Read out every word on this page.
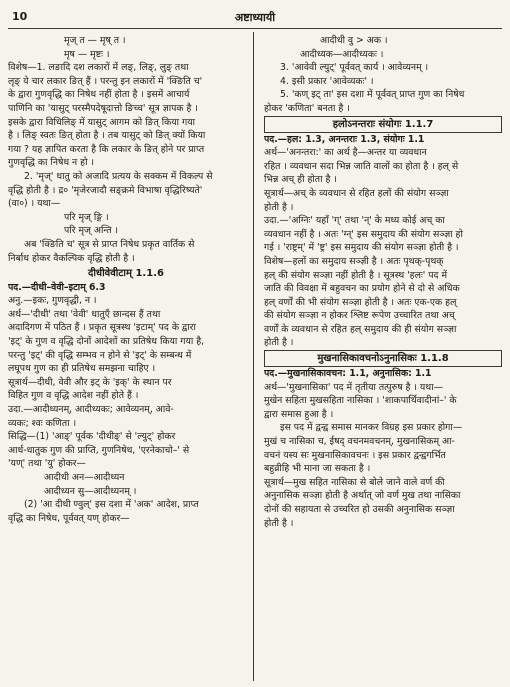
10	अष्टाध्यायी
मृज् त — मृष् त ।
मृष — मृष्टः ।
विशेष—1. लङादि दश लकारों में लङ्, लिङ्, लुङ् तथा
लृङ् ये चार लकार ङित् हैं । परन्तु इन लकारों में 'क्ङिति च'
के द्वारा गुणवृद्धि का निषेध नहीं होता है । इसमें आचार्य
पाणिनि का 'यासुट् परस्मैपदेषूदात्तो ङिच्च' सूत्र ज्ञापक है ।
इसके द्वारा विधिलिङ् में यासुट् आगम को ङित् किया गया
है । लिङ् स्वतः ङित् होता है । तब यासुट् को ङित् क्यों किया
गया ? यह ज्ञापित करता है कि लकार के ङित् होने पर प्राप्त
गुणवृद्धि का निषेध न हो ।
2. 'मृज्' धातु को अजादि प्रत्यय के सक्कम में विकल्प से
वृद्धि होती है । द्र० 'मृजेरजादौ सङ्क्रमे विभाषा वृद्धिरिष्यते'
(वा०) । यथा—
परि मृज् ङ्गि ।
परि मृज् अन्ति ।
अब 'क्ङिति च' सूत्र से प्राप्त निषेध प्रकृत वार्तिक से
निर्बाध होकर वैकल्पिक वृद्धि होती है ।
दीधीवेवीटाम् 1.1.6
पद.—दीधी–वेवी–इटाम् 6.3
अनु.—इकः, गुणवृद्धी, न ।
अर्थ—'दीधी' तथा 'वेवी' धातुएँ छान्दस हैं तथा
अदादिगण में पठित हैं । प्रकृत सूत्रस्थ 'इटाम्' पद के द्वारा
'इट्' के गुण व वृद्धि दोनों आदेशों का प्रतिषेध किया गया है,
परन्तु 'इट्' की वृद्धि सम्भव न होने से 'इट्' के सम्बन्ध में
लघूपध गुण का ही प्रतिषेध समझना चाहिए ।
सूत्रार्थ—दीधी, वेवी और इट् के 'इक्' के स्थान पर
विहित गुण व वृद्धि आदेश नहीं होते हैं ।
उदा.—आदीध्यनम्, आदीध्यकः; आवेव्यनम्, आवे-
व्यकः; श्वः कणिता ।
सिद्धि—(1) 'आङ्' पूर्वक 'दीधीङ्' से 'ल्युट्' होकर
आर्ध-धातुक गुण की प्राप्ति, गुणनिषेध, 'एरनेकाचो–' से
'यण्' तथा 'यु' होकर—
आदीधी अन—आदीध्यन
आदीध्यन सु—आदीध्यनम् ।
(2) 'आ दीधी ण्वुल्' इस दशा में 'अक' आदेश, प्राप्त
वृद्धि का निषेध, पूर्ववत् यण् होकर—
आदीधी वु > अक ।
आदीध्यक—आदीध्यकः ।
3. 'आवेवी ल्युट्' पूर्ववत् कार्य । आवेव्यनम् ।
4. इसी प्रकार 'आवेव्यकः' ।
5. 'कण् इट् ता' इस दशा में पूर्ववत् प्राप्त गुण का निषेध
होकर 'कणिता' बनता है ।
हलोऽनन्तराः संयोगः 1.1.7
पद.—हल: 1.3, अनन्तराः 1.3, संयोगः 1.1
अर्थ—'अनन्तरा:' का अर्थ है—अन्तर या व्यवधान
रहित । व्यवधान सदा भिन्न जाति वालों का होता है । हल् से
भिन्न अच् ही होता है ।
सूत्रार्थ—अच् के व्यवधान से रहित हलों की संयोग सञ्ज्ञा
होती है ।
उदा.—'अग्निः' यहाँ 'ग्' तथा 'न्' के मध्य कोई अच् का
व्यवधान नहीं है । अतः 'ग्न्' इस समुदाय की संयोग सञ्ज्ञा हो
गई । 'राष्ट्रम्' में 'ष्ट्र' इस समुदाय की संयोग सञ्ज्ञा होती है ।
विशेष—हलों का समुदाय सञ्ज्ञी है । अतः पृथक्-पृथक्
हल् की संयोग सञ्ज्ञा नहीं होती है । सूत्रस्थ 'हलः' पद में
जाति की विवक्षा में बहुवचन का प्रयोग होने से दो से अधिक
हल् वर्णों की भी संयोग सञ्ज्ञा होती है । अतः एक-एक हल्
की संयोग सञ्ज्ञा न होकर श्लिष्ट रूपेण उच्चारित तथा अच्
वर्णों के व्यवधान से रहित हल् समुदाय की ही संयोग सञ्ज्ञा
होती है ।
मुखनासिकावचनोऽनुनासिकः 1.1.8
पद.—मुखनासिकावचन: 1.1, अनुनासिक: 1.1
अर्थ—'मुखनासिका' पद में तृतीया तत्पुरुष है । यथा—
मुखेन सहिता मुखसहिता नासिका । 'शाकपार्थिवादीनां–' के
द्वारा समास हुआ है ।
इस पद में द्वन्द्व समास मानकर विग्रह इस प्रकार होगा—
मुखं च नासिका च, ईषद् वचनमवचनम्, मुखनासिकम् आ-
वचनं यस्य सः मुखनासिकावचनः । इस प्रकार द्वन्द्वगर्भित
बहुव्रीहि भी माना जा सकता है ।
सूत्रार्थ—मुख सहित नासिका से बोले जाने वाले वर्ण की
अनुनासिक सञ्ज्ञा होती है अर्थात् जो वर्ण मुख तथा नासिका
दोनों की सहायता से उच्चरित हो उसकी अनुनासिक सञ्ज्ञा
होती है ।
